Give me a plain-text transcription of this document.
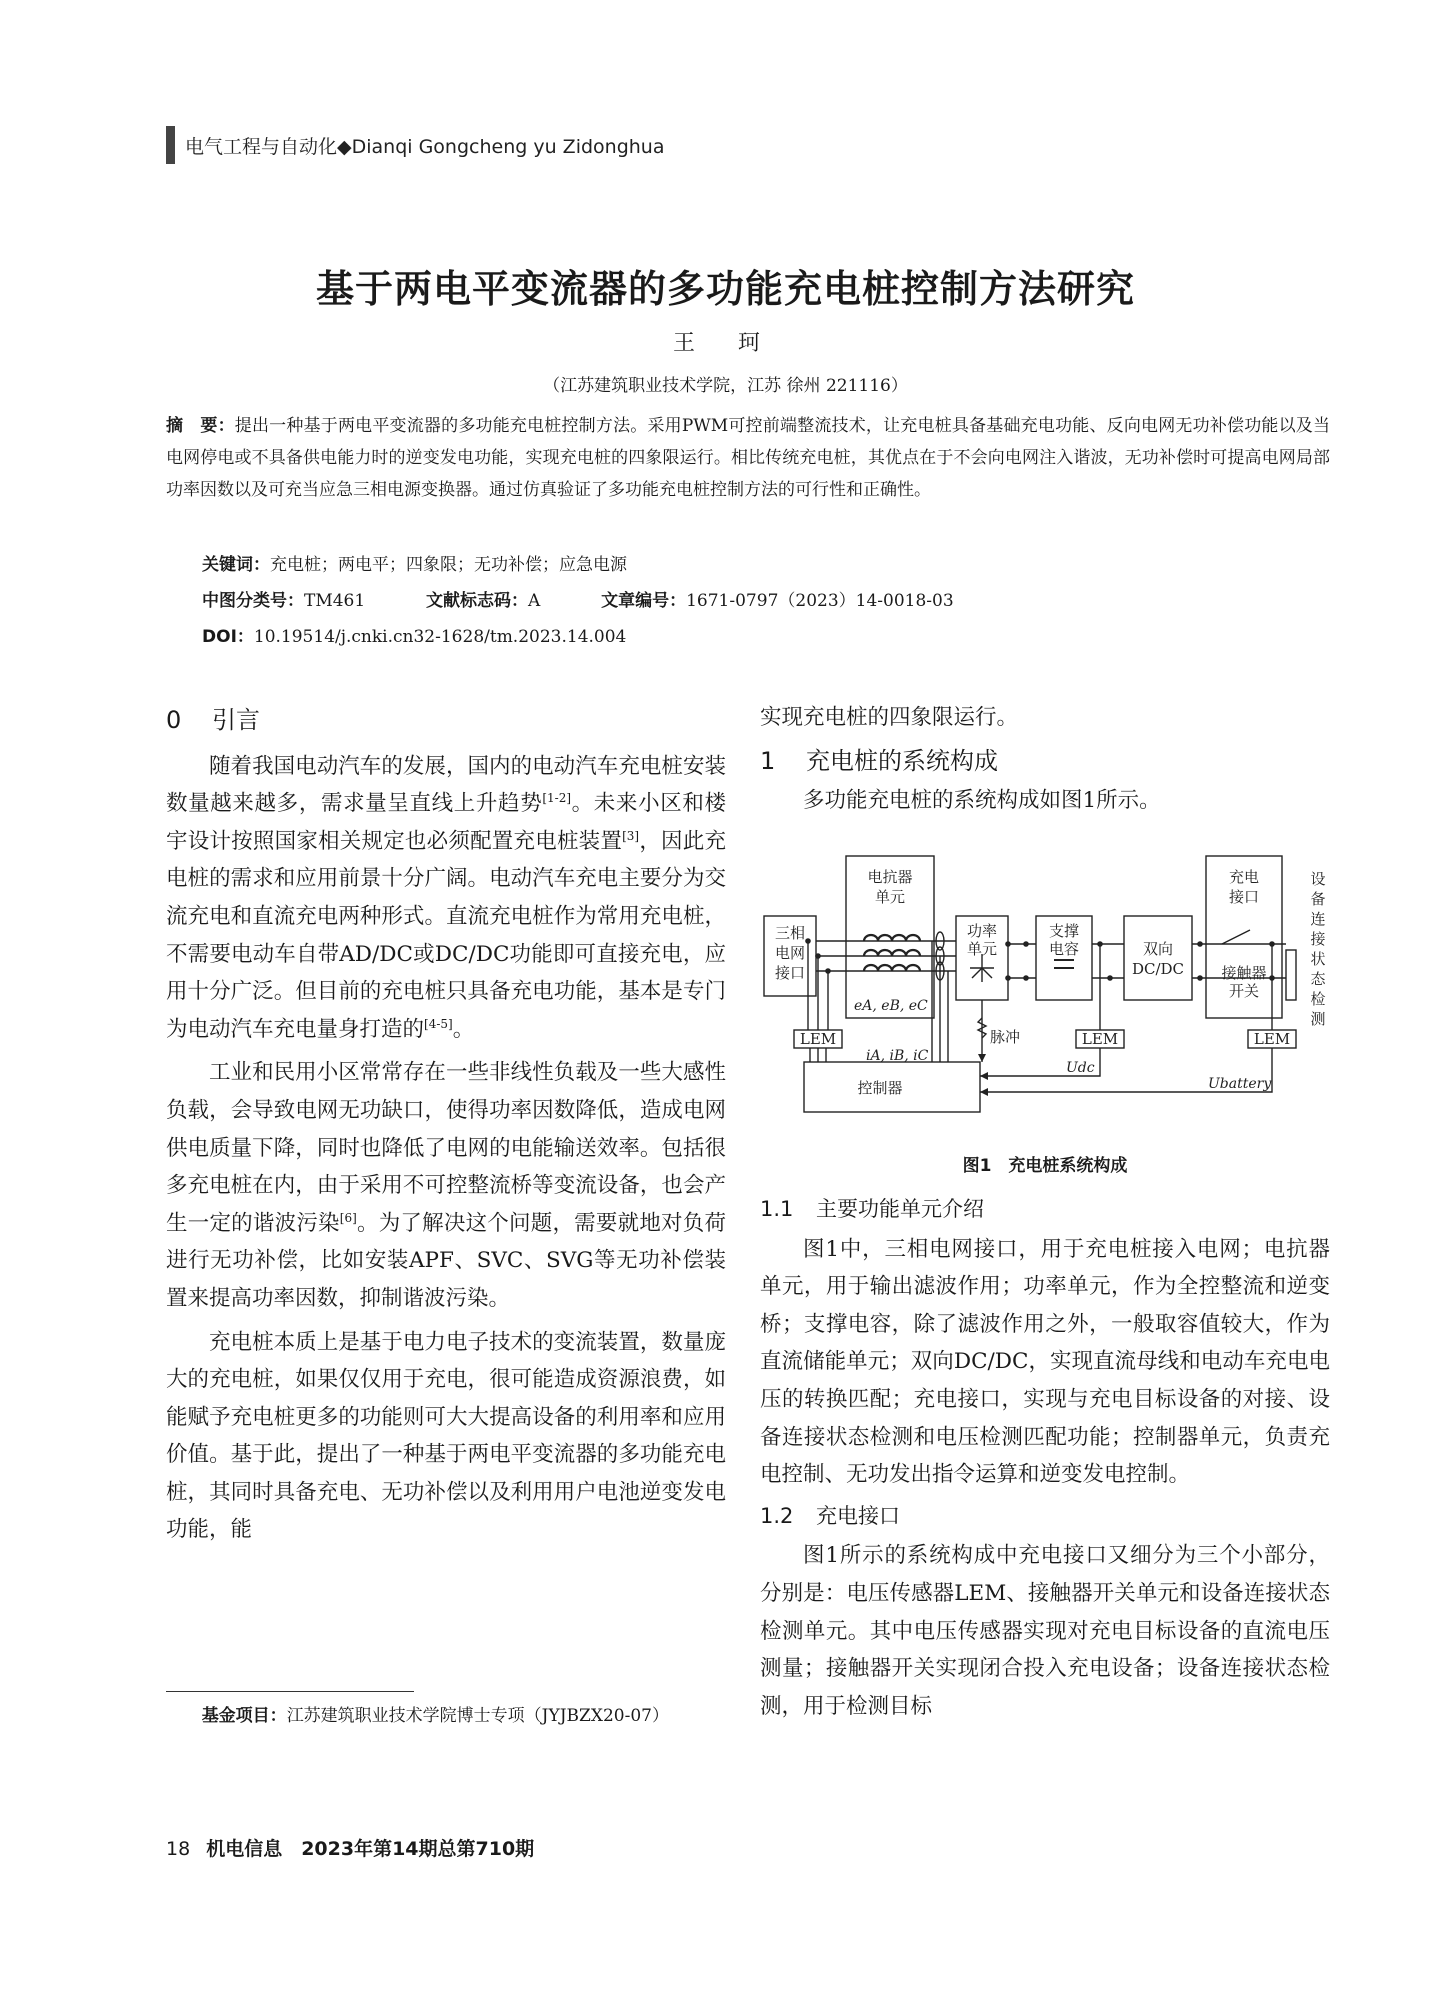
电气工程与自动化◆Dianqi Gongcheng yu Zidonghua
基于两电平变流器的多功能充电桩控制方法研究
王 珂
（江苏建筑职业技术学院，江苏 徐州 221116）
摘　要：提出一种基于两电平变流器的多功能充电桩控制方法。采用PWM可控前端整流技术，让充电桩具备基础充电功能、反向电网无功补偿功能以及当电网停电或不具备供电能力时的逆变发电功能，实现充电桩的四象限运行。相比传统充电桩，其优点在于不会向电网注入谐波，无功补偿时可提高电网局部功率因数以及可充当应急三相电源变换器。通过仿真验证了多功能充电桩控制方法的可行性和正确性。
关键词：充电桩；两电平；四象限；无功补偿；应急电源
中图分类号：TM461	文献标志码：A	文章编号：1671-0797（2023）14-0018-03
DOI：10.19514/j.cnki.cn32-1628/tm.2023.14.004
0 引言

随着我国电动汽车的发展，国内的电动汽车充电桩安装数量越来越多，需求量呈直线上升趋势[1-2]。未来小区和楼宇设计按照国家相关规定也必须配置充电桩装置[3]，因此充电桩的需求和应用前景十分广阔。电动汽车充电主要分为交流充电和直流充电两种形式。直流充电桩作为常用充电桩，不需要电动车自带AD/DC或DC/DC功能即可直接充电，应用十分广泛。但目前的充电桩只具备充电功能，基本是专门为电动汽车充电量身打造的[4-5]。

工业和民用小区常常存在一些非线性负载及一些大感性负载，会导致电网无功缺口，使得功率因数降低，造成电网供电质量下降，同时也降低了电网的电能输送效率。包括很多充电桩在内，由于采用不可控整流桥等变流设备，也会产生一定的谐波污染[6]。为了解决这个问题，需要就地对负荷进行无功补偿，比如安装APF、SVC、SVG等无功补偿装置来提高功率因数，抑制谐波污染。

充电桩本质上是基于电力电子技术的变流装置，数量庞大的充电桩，如果仅仅用于充电，很可能造成资源浪费，如能赋予充电桩更多的功能则可大大提高设备的利用率和应用价值。基于此，提出了一种基于两电平变流器的多功能充电桩，其同时具备充电、无功补偿以及利用用户电池逆变发电功能，能

实现充电桩的四象限运行。

1 充电桩的系统构成

多功能充电桩的系统构成如图1所示。

1.1 主要功能单元介绍

图1中，三相电网接口，用于充电桩接入电网；电抗器单元，用于输出滤波作用；功率单元，作为全控整流和逆变桥；支撑电容，除了滤波作用之外，一般取容值较大，作为直流储能单元；双向DC/DC，实现直流母线和电动车充电电压的转换匹配；充电接口，实现与充电目标设备的对接、设备连接状态检测和电压检测匹配功能；控制器单元，负责充电控制、无功发出指令运算和逆变发电控制。

1.2 充电接口

图1所示的系统构成中充电接口又细分为三个小部分，分别是：电压传感器LEM、接触器开关单元和设备连接状态检测单元。其中电压传感器实现对充电目标设备的直流电压测量；接触器开关实现闭合投入充电设备；设备连接状态检测，用于检测目标

三相
电网
接口
电抗器
单元
功率
单元
支撑
电容	双向
DC/DC
充电
接口
接触器
开关
LEM	LEM	LEM
控制器
eA, eB, eC
iA, iB, iC
Udc
Ubattery
脉冲
设
备
连
接
状
态
检
测
图1　充电桩系统构成
基金项目：江苏建筑职业技术学院博士专项（JYJBZX20-07）
18 机电信息　2023年第14期总第710期
